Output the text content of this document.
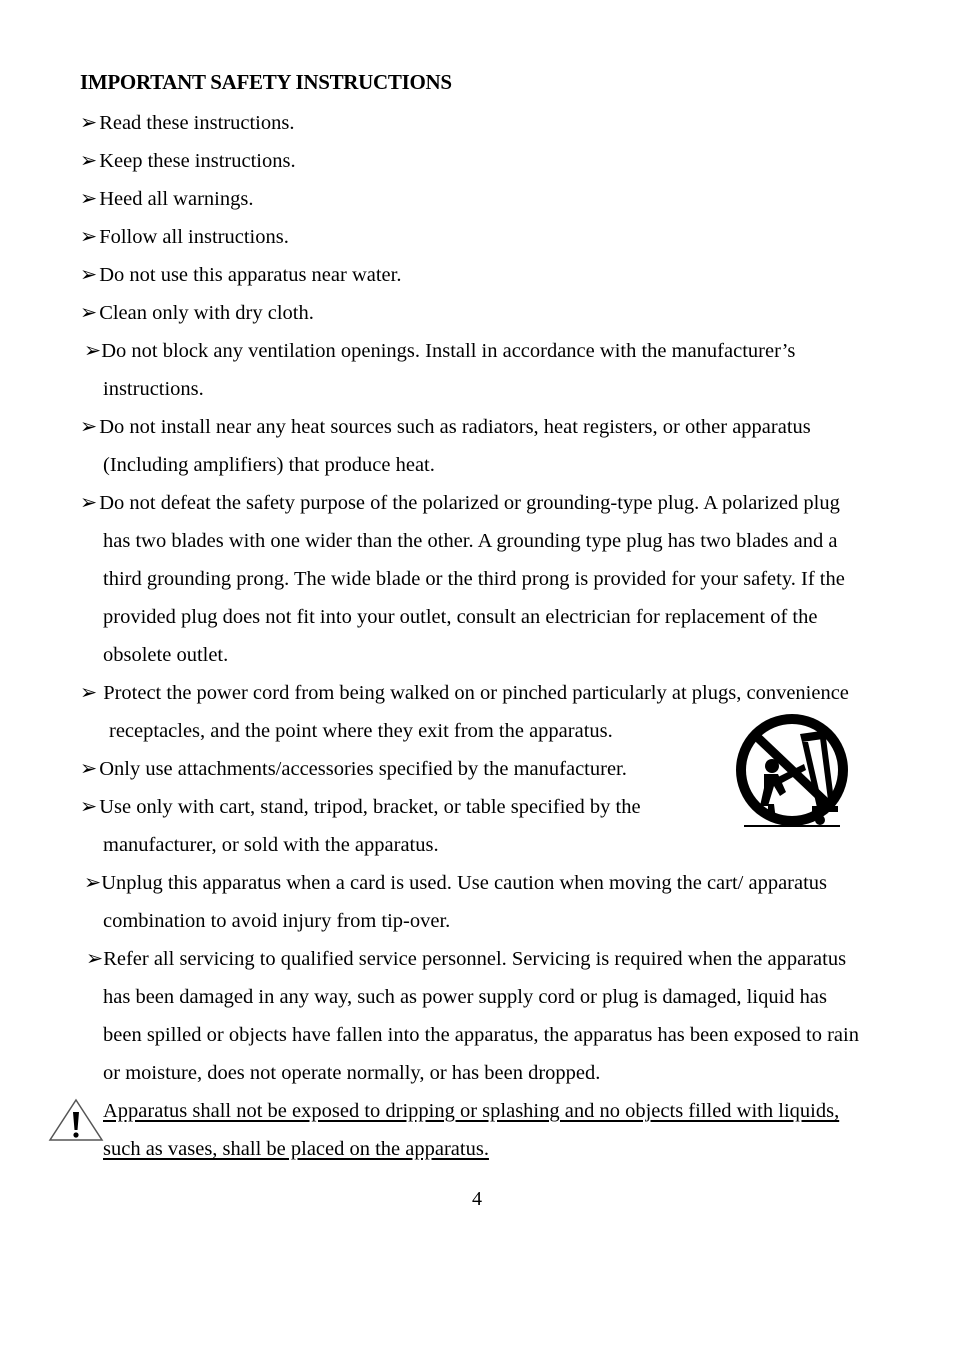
IMPORTANT SAFETY INSTRUCTIONS
➢Read these instructions.
➢Keep these instructions.
➢Heed all warnings.
➢Follow all instructions.
➢Do not use this apparatus near water.
➢Clean only with dry cloth.
➢Do not block any ventilation openings. Install in accordance with the manufacturer’s
instructions.
➢Do not install near any heat sources such as radiators, heat registers, or other apparatus
(Including amplifiers) that produce heat.
➢Do not defeat the safety purpose of the polarized or grounding-type plug. A polarized plug
has two blades with one wider than the other. A grounding type plug has two blades and a
third grounding prong. The wide blade or the third prong is provided for your safety. If the
provided plug does not fit into your outlet, consult an electrician for replacement of the
obsolete outlet.
➢ Protect the power cord from being walked on or pinched particularly at plugs, convenience
receptacles, and the point where they exit from the apparatus.
➢Only use attachments/accessories specified by the manufacturer.
➢Use only with cart, stand, tripod, bracket, or table specified by the
manufacturer, or sold with the apparatus.
➢Unplug this apparatus when a card is used. Use caution when moving the cart/ apparatus
combination to avoid injury from tip-over.
➢Refer all servicing to qualified service personnel. Servicing is required when the apparatus
has been damaged in any way, such as power supply cord or plug is damaged, liquid has
been spilled or objects have fallen into the apparatus, the apparatus has been exposed to rain
or moisture, does not operate normally, or has been dropped.
Apparatus shall not be exposed to dripping or splashing and no objects filled with liquids,
such as vases, shall be placed on the apparatus.
4
